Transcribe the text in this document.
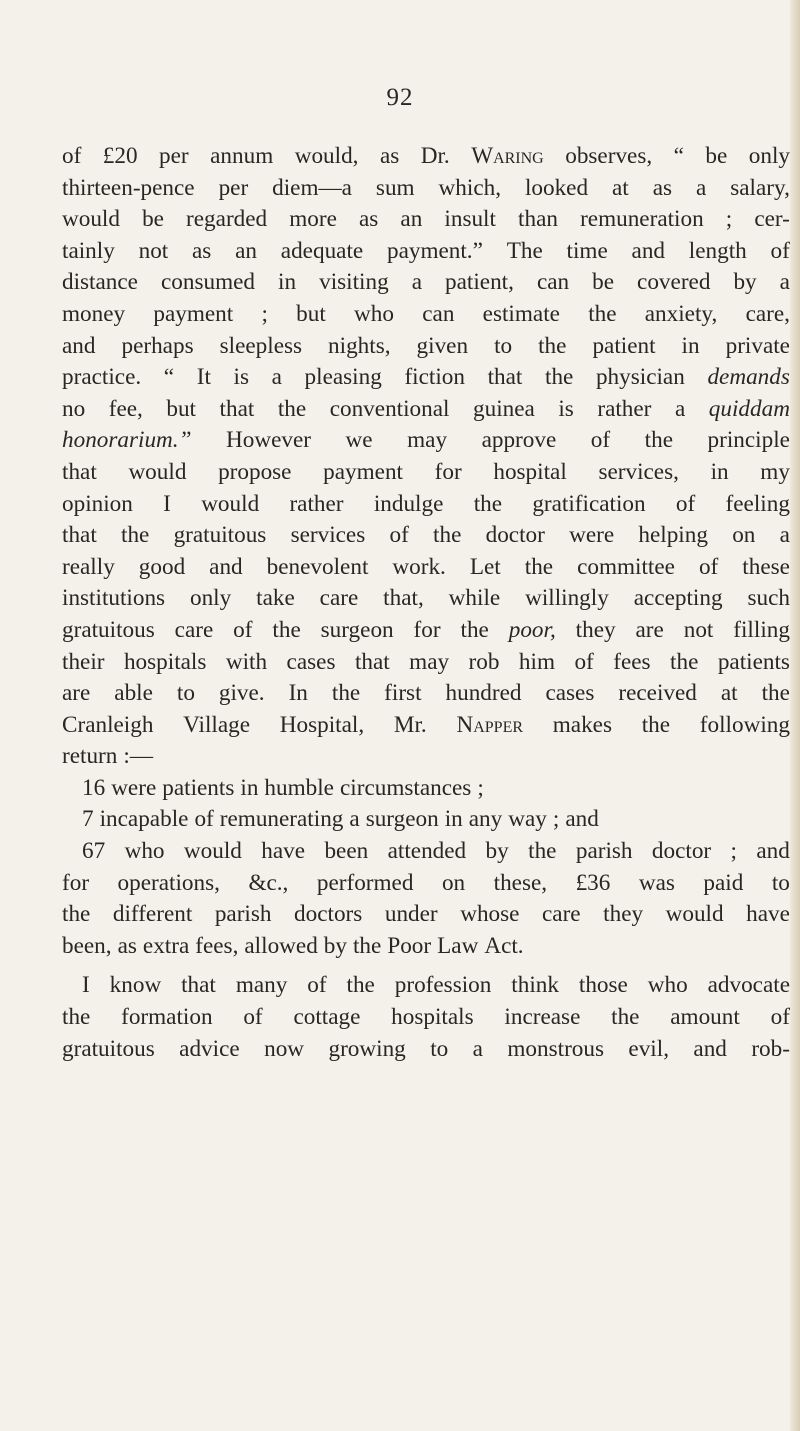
92
of £20 per annum would, as Dr. Waring observes, “ be only
thirteen-pence per diem—a sum which, looked at as a salary,
would be regarded more as an insult than remuneration ; cer-
tainly not as an adequate payment.” The time and length of
distance consumed in visiting a patient, can be covered by a
money payment ; but who can estimate the anxiety, care,
and perhaps sleepless nights, given to the patient in private
practice. “ It is a pleasing fiction that the physician demands
no fee, but that the conventional guinea is rather a quiddam
honorarium.” However we may approve of the principle
that would propose payment for hospital services, in my
opinion I would rather indulge the gratification of feeling
that the gratuitous services of the doctor were helping on a
really good and benevolent work. Let the committee of these
institutions only take care that, while willingly accepting such
gratuitous care of the surgeon for the poor, they are not filling
their hospitals with cases that may rob him of fees the patients
are able to give. In the first hundred cases received at the
Cranleigh Village Hospital, Mr. Napper makes the following
return :—
16 were patients in humble circumstances ;
7 incapable of remunerating a surgeon in any way ; and
67 who would have been attended by the parish doctor ; and
for operations, &c., performed on these, £36 was paid to
the different parish doctors under whose care they would have
been, as extra fees, allowed by the Poor Law Act.
I know that many of the profession think those who advocate
the formation of cottage hospitals increase the amount of
gratuitous advice now growing to a monstrous evil, and rob-
